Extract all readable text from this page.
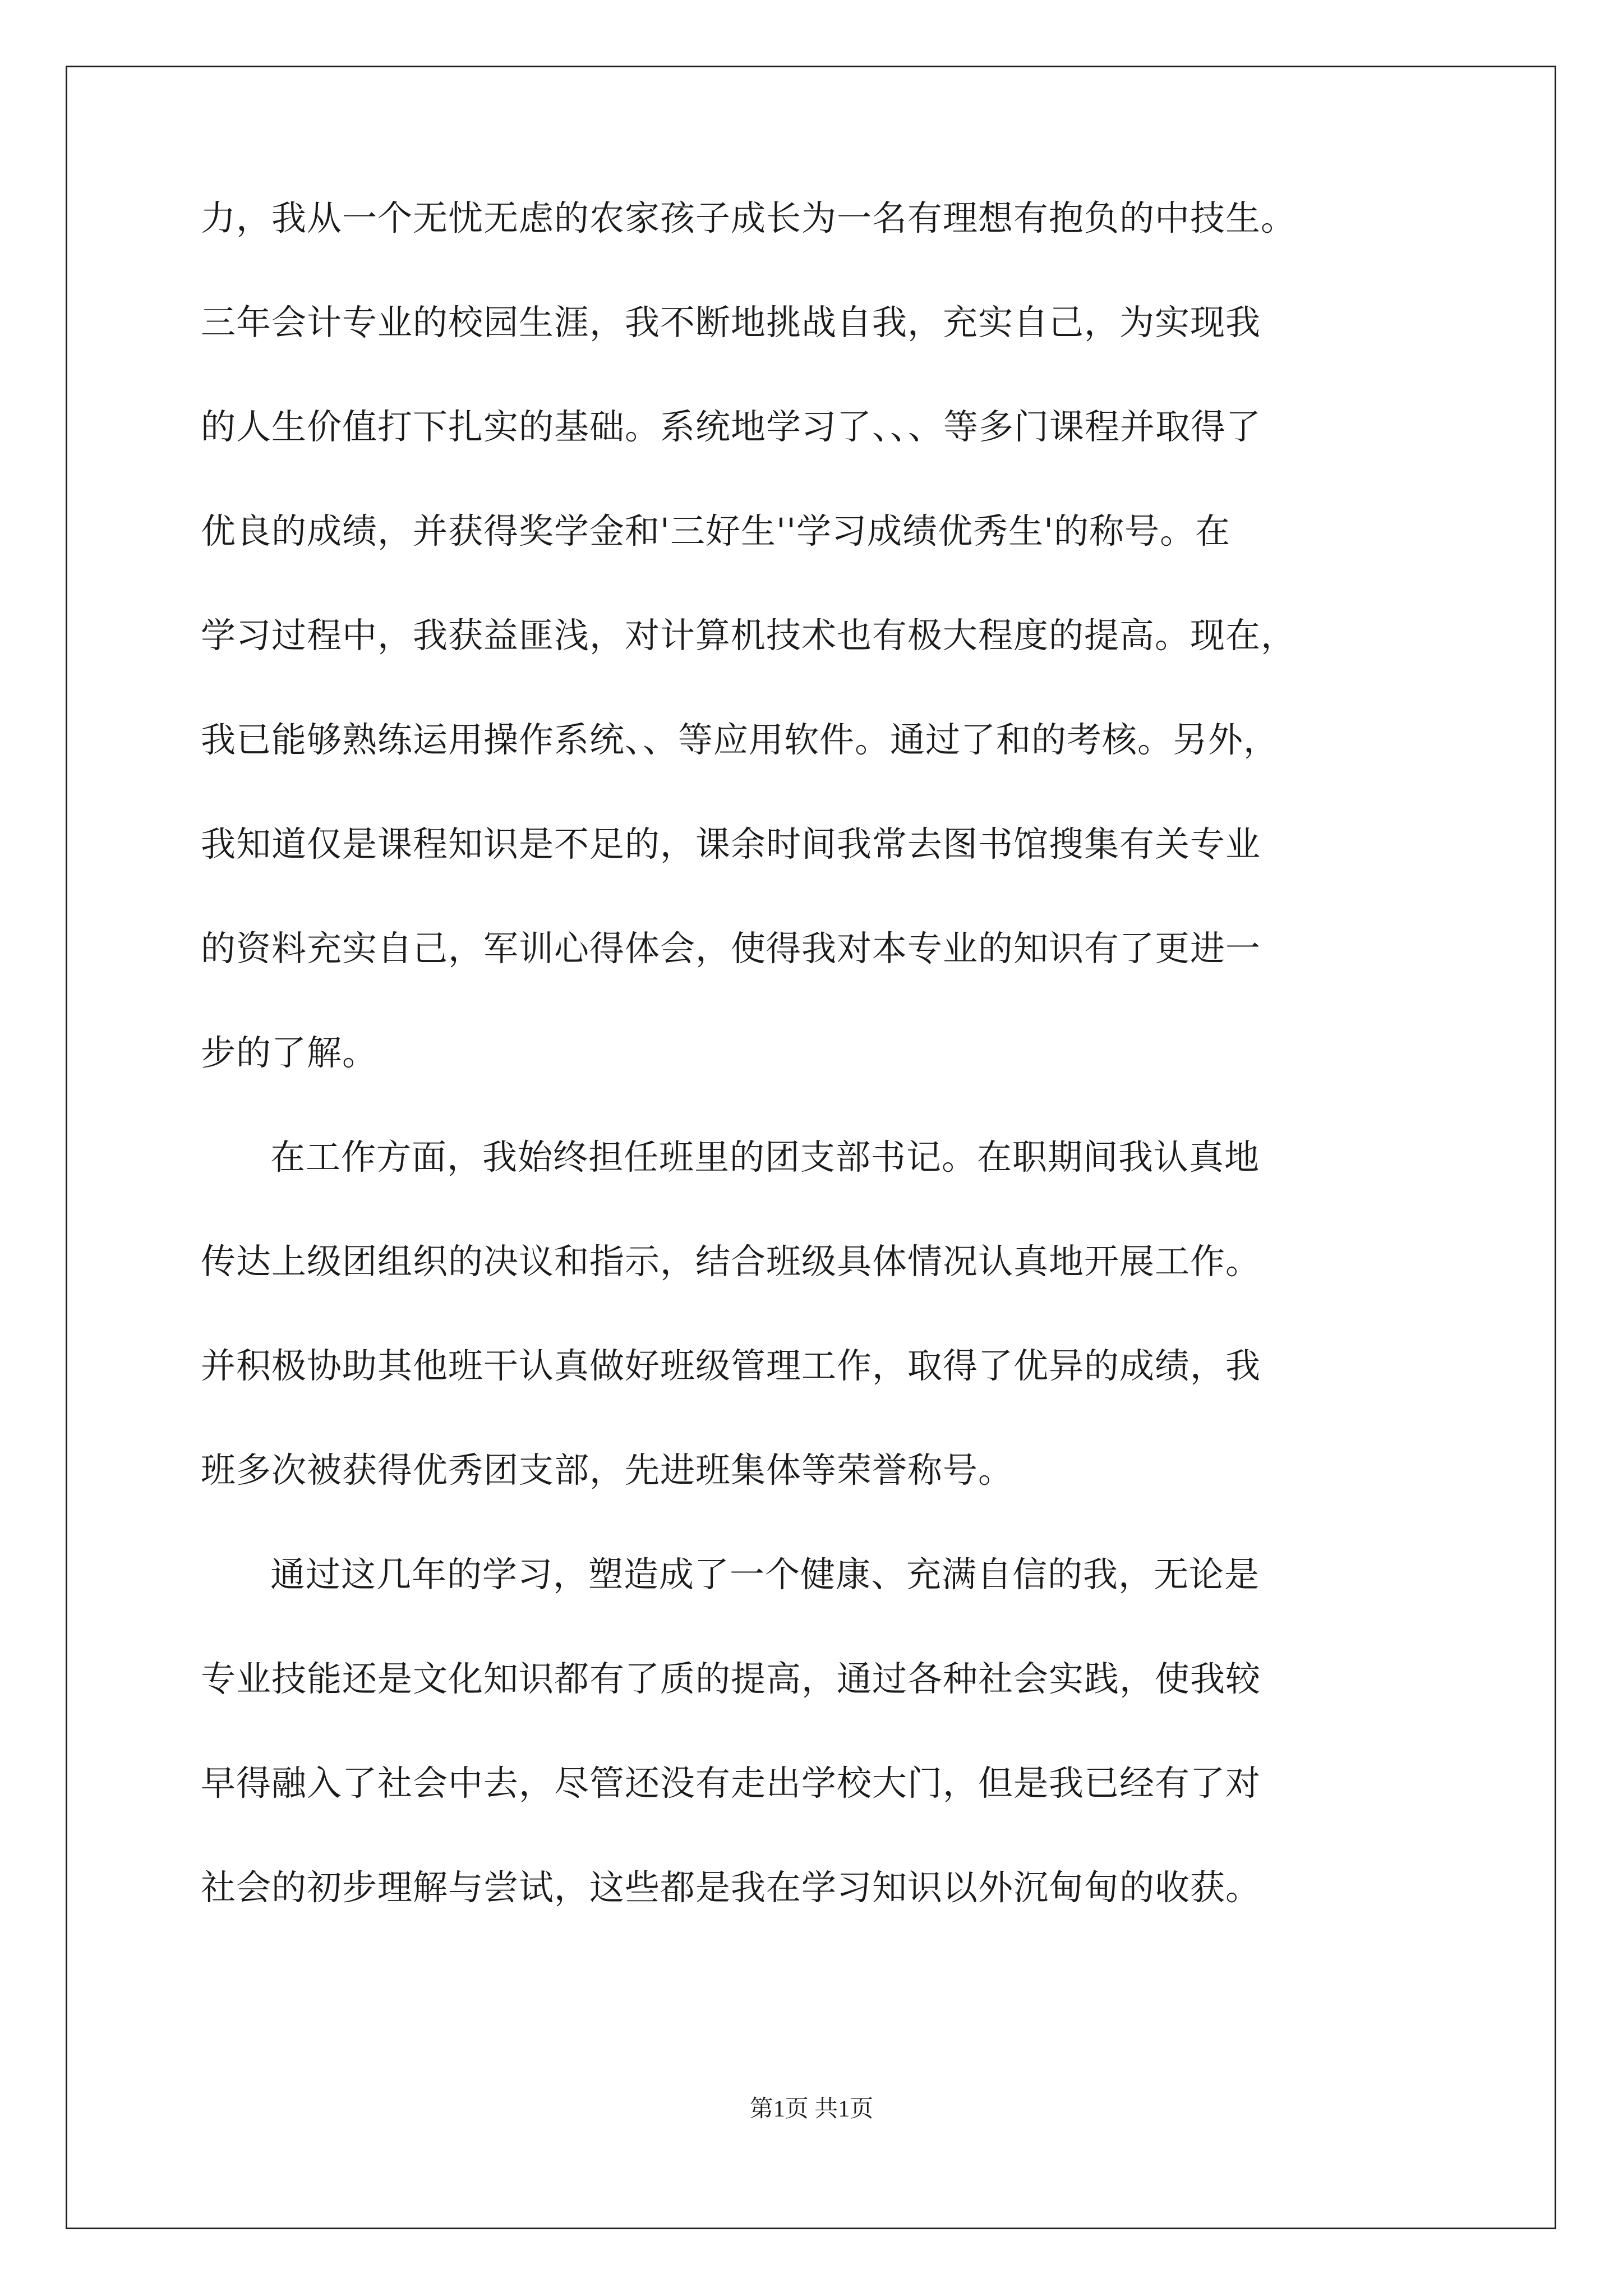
力，我从一个无忧无虑的农家孩子成长为一名有理想有抱负的中技生。
三年会计专业的校园生涯，我不断地挑战自我，充实自己，为实现我
的人生价值打下扎实的基础。系统地学习了、、、等多门课程并取得了
优良的成绩，并获得奖学金和'三好生''学习成绩优秀生'的称号。在
学习过程中，我获益匪浅，对计算机技术也有极大程度的提高。现在，
我已能够熟练运用操作系统、、等应用软件。通过了和的考核。另外，
我知道仅是课程知识是不足的，课余时间我常去图书馆搜集有关专业
的资料充实自己，军训心得体会，使得我对本专业的知识有了更进一
步的了解。
在工作方面，我始终担任班里的团支部书记。在职期间我认真地
传达上级团组织的决议和指示，结合班级具体情况认真地开展工作。
并积极协助其他班干认真做好班级管理工作，取得了优异的成绩，我
班多次被获得优秀团支部，先进班集体等荣誉称号。
通过这几年的学习，塑造成了一个健康、充满自信的我，无论是
专业技能还是文化知识都有了质的提高，通过各种社会实践，使我较
早得融入了社会中去，尽管还没有走出学校大门，但是我已经有了对
社会的初步理解与尝试，这些都是我在学习知识以外沉甸甸的收获。
第1页 共1页
